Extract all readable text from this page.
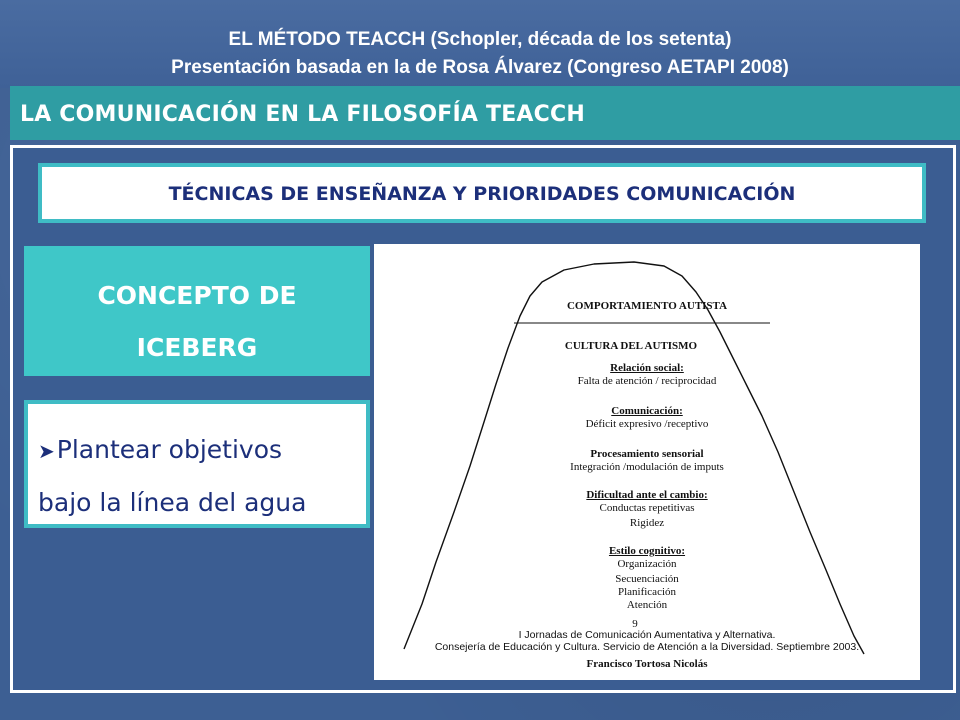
EL MÉTODO TEACCH (Schopler, década de los setenta)
Presentación basada en la de Rosa Álvarez (Congreso AETAPI 2008)
LA COMUNICACIÓN EN LA FILOSOFÍA TEACCH
TÉCNICAS DE ENSEÑANZA Y PRIORIDADES COMUNICACIÓN
CONCEPTO DE
ICEBERG
➤Plantear objetivos
bajo la línea del agua
COMPORTAMIENTO AUTISTA
CULTURA DEL AUTISMO
Relación social:
Falta de atención / reciprocidad
Comunicación:
Déficit expresivo /receptivo
Procesamiento sensorial
Integración /modulación de imputs
Dificultad ante el cambio:
Conductas repetitivas
Rigidez
Estilo cognitivo:
Organización
Secuenciación
Planificación
Atención
9
I Jornadas de Comunicación Aumentativa y Alternativa.
Consejería de Educación y Cultura. Servicio de Atención a la Diversidad. Septiembre 2003.
Francisco Tortosa Nicolás
